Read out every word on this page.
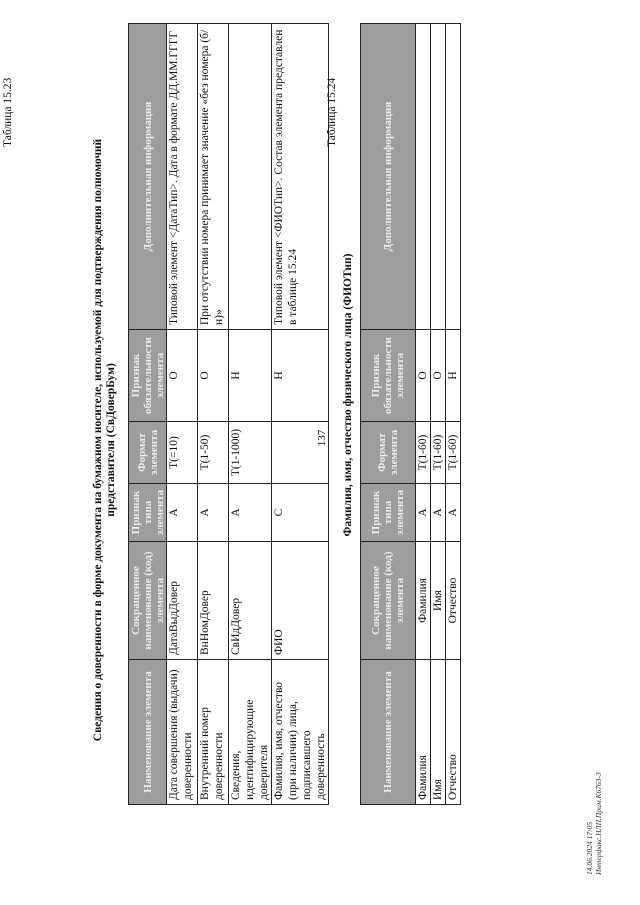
137
Таблица 15.23
Сведения о доверенности в форме документа на бумажном носителе, используемой для подтверждения полномочий представителя (СвДоверБум)
Наименование элемента	Сокращенное наименование (код) элемента	Признак типа элемента	Формат элемента	Признак обязательности элемента	Дополнительная информация
Дата совершения (выдачи) доверенности	ДатаВыдДовер	А	T(=10)	О	Типовой элемент <ДатаТип>. Дата в формате ДД.ММ.ГГГГ
Внутренний номер доверенности	ВнНомДовер	А	T(1-50)	О	При отсутствии номера принимает значение «без номера (б/н)»
Сведения, идентифицирующие доверителя	СвИдДовер	А	T(1-1000)	Н	
Фамилия, имя, отчество (при наличии) лица, подписавшего доверенность	ФИО	С		Н	Типовой элемент <ФИОТип>. Состав элемента представлен в таблице 15.24
Таблица 15.24
Фамилия, имя, отчество физического лица (ФИОТип)
Наименование элемента	Сокращенное наименование (код) элемента	Признак типа элемента	Формат элемента	Признак обязательности элемента	Дополнительная информация
Фамилия	Фамилия	А	T(1-60)	О	
Имя	Имя	А	T(1-60)	О	
Отчество	Отчество	А	T(1-60)	Н	
14.06.2024 17:05 Интерфакс.НЛП.Прим.К6763-3
